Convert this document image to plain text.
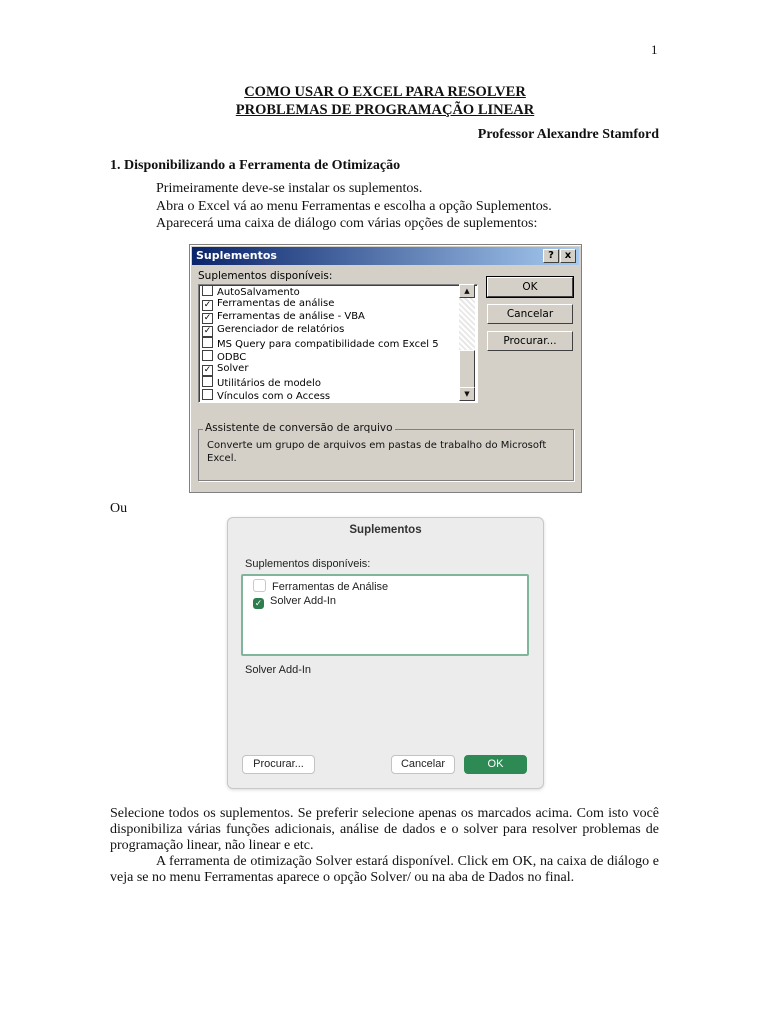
1
COMO USAR O EXCEL PARA RESOLVER
PROBLEMAS DE PROGRAMAÇÃO LINEAR
Professor Alexandre Stamford
1. Disponibilizando a Ferramenta de Otimização
Primeiramente deve-se instalar os suplementos.
Abra o Excel vá ao menu Ferramentas e escolha a opção Suplementos.
Aparecerá uma caixa de diálogo com várias opções de suplementos:
Suplementos	?	x
Suplementos disponíveis:
AutoSalvamento
✓ Ferramentas de análise
✓ Ferramentas de análise - VBA
✓ Gerenciador de relatórios
MS Query para compatibilidade com Excel 5
ODBC
✓ Solver
Utilitários de modelo
Vínculos com o Access
▲
▼
OK
Cancelar
Procurar...
Assistente de conversão de arquivo
Converte um grupo de arquivos em pastas de trabalho do Microsoft Excel.
Ou
Suplementos
Suplementos disponíveis:
Ferramentas de Análise
✓ Solver Add-In
Solver Add-In
Procurar...	Cancelar	OK
Selecione todos os suplementos. Se preferir selecione apenas os marcados acima. Com isto você disponibiliza várias funções adicionais, análise de dados e o solver para resolver problemas de programação linear, não linear e etc.
A ferramenta de otimização Solver estará disponível. Click em OK, na caixa de diálogo e veja se no menu Ferramentas aparece o opção Solver/ ou na aba de Dados no final.
